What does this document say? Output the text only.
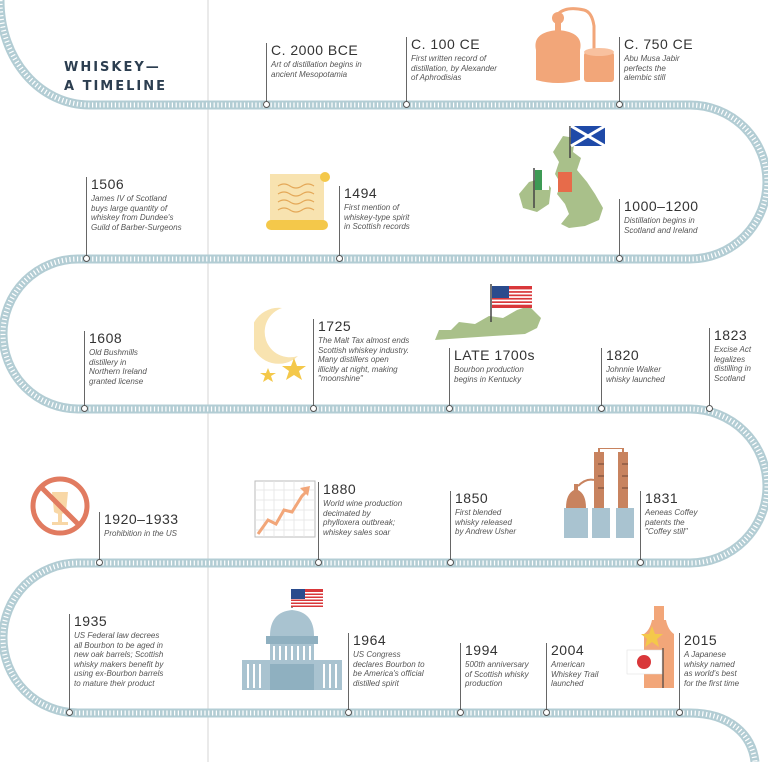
WHISKEY—
A TIMELINE
C. 2000 BCE
Art of distillation begins in
ancient Mesopotamia
C. 100 CE
First written record of
distillation, by Alexander
of Aphrodisias
C. 750 CE
Abu Musa Jabir
perfects the
alembic still
1506
James IV of Scotland
buys large quantity of
whiskey from Dundee's
Guild of Barber-Surgeons
1494
First mention of
whiskey-type spirit
in Scottish records
1000–1200
Distillation begins in
Scotland and Ireland
1608
Old Bushmills
distillery in
Northern Ireland
granted license
1725
The Malt Tax almost ends
Scottish whiskey industry.
Many distillers open
illicitly at night, making
"moonshine"
LATE 1700s
Bourbon production
begins in Kentucky
1820
Johnnie Walker
whisky launched
1823
Excise Act
legalizes
distilling in
Scotland
1920–1933
Prohibition in the US
1880
World wine production
decimated by
phylloxera outbreak;
whiskey sales soar
1850
First blended
whisky released
by Andrew Usher
1831
Aeneas Coffey
patents the
"Coffey still"
1935
US Federal law decrees
all Bourbon to be aged in
new oak barrels; Scottish
whisky makers benefit by
using ex-Bourbon barrels
to mature their product
1964
US Congress
declares Bourbon to
be America's official
distilled spirit
1994
500th anniversary
of Scottish whisky
production
2004
American
Whiskey Trail
launched
2015
A Japanese
whisky named
as world's best
for the first time
